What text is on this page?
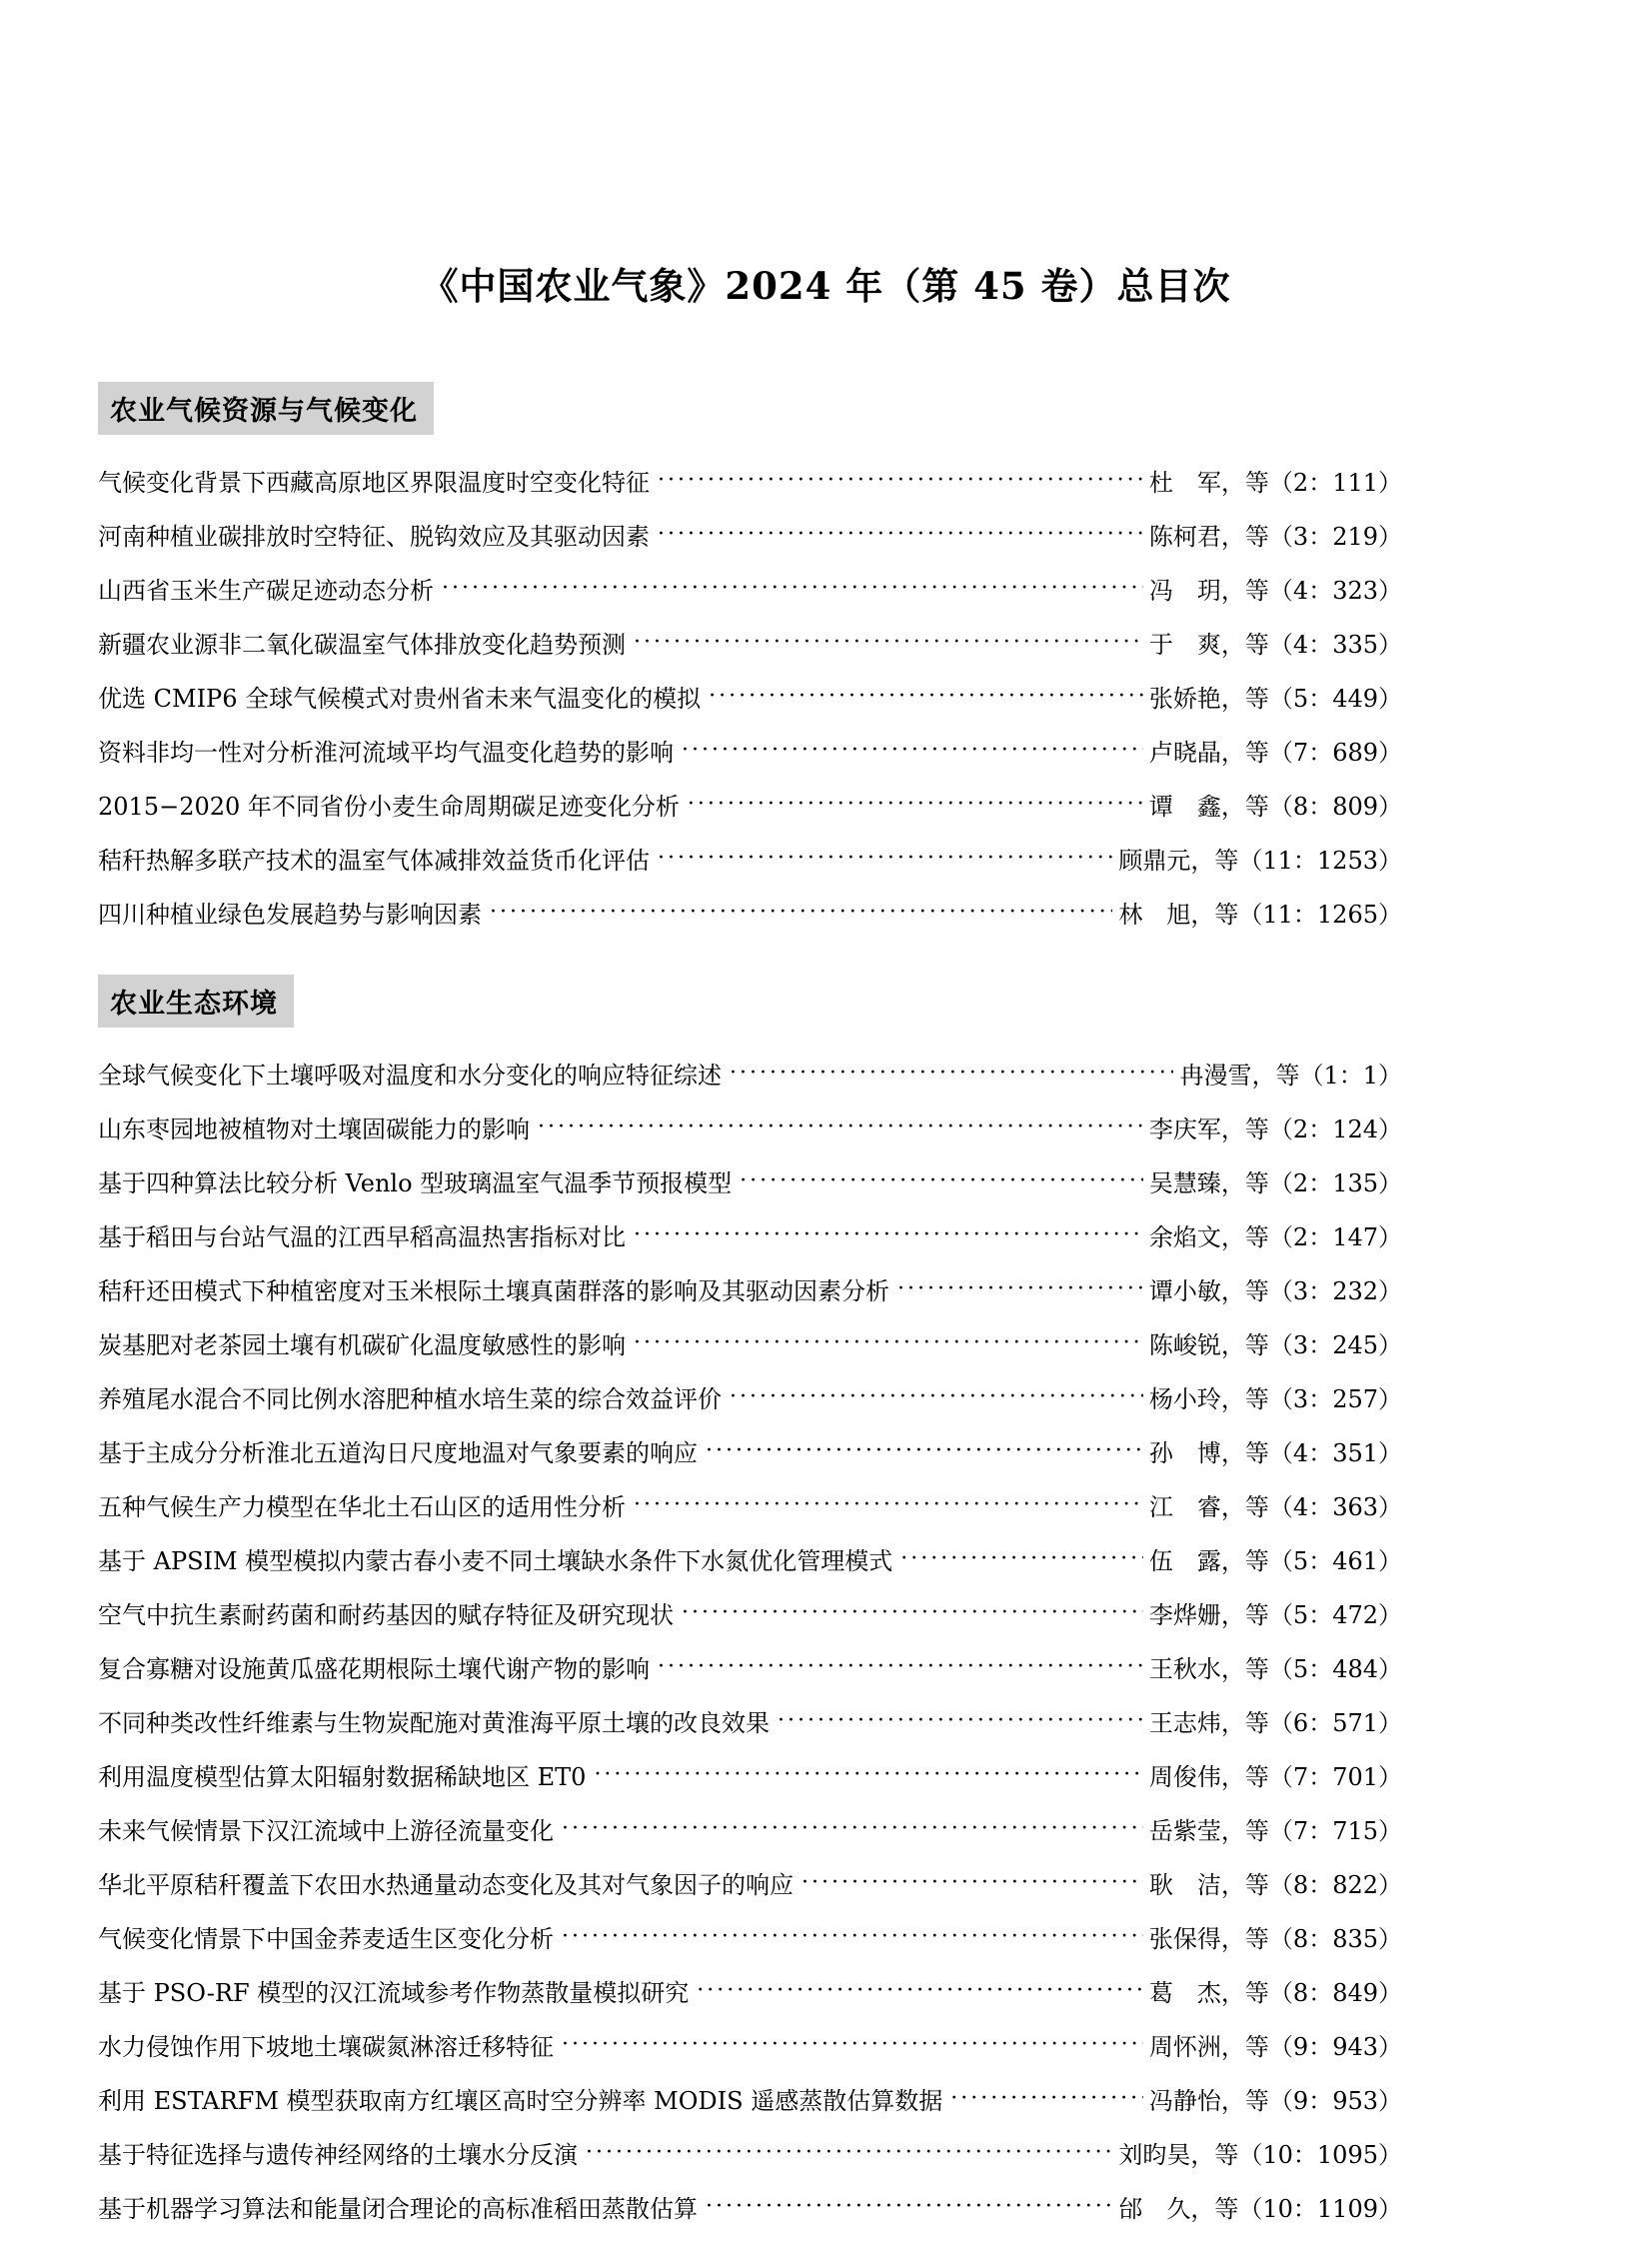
《中国农业气象》2024 年（第 45 卷）总目次
农业气候资源与气候变化
气候变化背景下西藏高原地区界限温度时空变化特征 ·····	杜　军，等 （2：111）
河南种植业碳排放时空特征、脱钩效应及其驱动因素 ·····	陈柯君，等 （3：219）
山西省玉米生产碳足迹动态分析 ·····	冯　玥，等 （4：323）
新疆农业源非二氧化碳温室气体排放变化趋势预测 ·····	于　爽，等 （4：335）
优选 CMIP6 全球气候模式对贵州省未来气温变化的模拟 ·····	张娇艳，等 （5：449）
资料非均一性对分析淮河流域平均气温变化趋势的影响 ·····	卢晓晶，等 （7：689）
2015−2020 年不同省份小麦生命周期碳足迹变化分析 ·····	谭　鑫，等 （8：809）
秸秆热解多联产技术的温室气体减排效益货币化评估 ·····	顾鼎元，等 （11：1253）
四川种植业绿色发展趋势与影响因素 ·····	林　旭，等 （11：1265）
农业生态环境
全球气候变化下土壤呼吸对温度和水分变化的响应特征综述 ·····	冉漫雪，等 （1：1）
山东枣园地被植物对土壤固碳能力的影响 ·····	李庆军，等 （2：124）
基于四种算法比较分析 Venlo 型玻璃温室气温季节预报模型 ·····	吴慧臻，等 （2：135）
基于稻田与台站气温的江西早稻高温热害指标对比 ·····	余焰文，等 （2：147）
秸秆还田模式下种植密度对玉米根际土壤真菌群落的影响及其驱动因素分析 ·····	谭小敏，等 （3：232）
炭基肥对老茶园土壤有机碳矿化温度敏感性的影响 ·····	陈峻锐，等 （3：245）
养殖尾水混合不同比例水溶肥种植水培生菜的综合效益评价 ·····	杨小玲，等 （3：257）
基于主成分分析淮北五道沟日尺度地温对气象要素的响应 ·····	孙　博，等 （4：351）
五种气候生产力模型在华北土石山区的适用性分析 ·····	江　睿，等 （4：363）
基于 APSIM 模型模拟内蒙古春小麦不同土壤缺水条件下水氮优化管理模式 ·····	伍　露，等 （5：461）
空气中抗生素耐药菌和耐药基因的赋存特征及研究现状 ·····	李烨姗，等 （5：472）
复合寡糖对设施黄瓜盛花期根际土壤代谢产物的影响 ·····	王秋水，等 （5：484）
不同种类改性纤维素与生物炭配施对黄淮海平原土壤的改良效果 ·····	王志炜，等 （6：571）
利用温度模型估算太阳辐射数据稀缺地区 ET0 ·····	周俊伟，等 （7：701）
未来气候情景下汉江流域中上游径流量变化 ·····	岳紫莹，等 （7：715）
华北平原秸秆覆盖下农田水热通量动态变化及其对气象因子的响应 ·····	耿　洁，等 （8：822）
气候变化情景下中国金荞麦适生区变化分析 ·····	张保得，等 （8：835）
基于 PSO-RF 模型的汉江流域参考作物蒸散量模拟研究 ·····	葛　杰，等 （8：849）
水力侵蚀作用下坡地土壤碳氮淋溶迁移特征 ·····	周怀洲，等 （9：943）
利用 ESTARFM 模型获取南方红壤区高时空分辨率 MODIS 遥感蒸散估算数据 ·····	冯静怡，等 （9：953）
基于特征选择与遗传神经网络的土壤水分反演 ·····	刘昀昊，等 （10：1095）
基于机器学习算法和能量闭合理论的高标准稻田蒸散估算 ·····	邰　久，等 （10：1109）
